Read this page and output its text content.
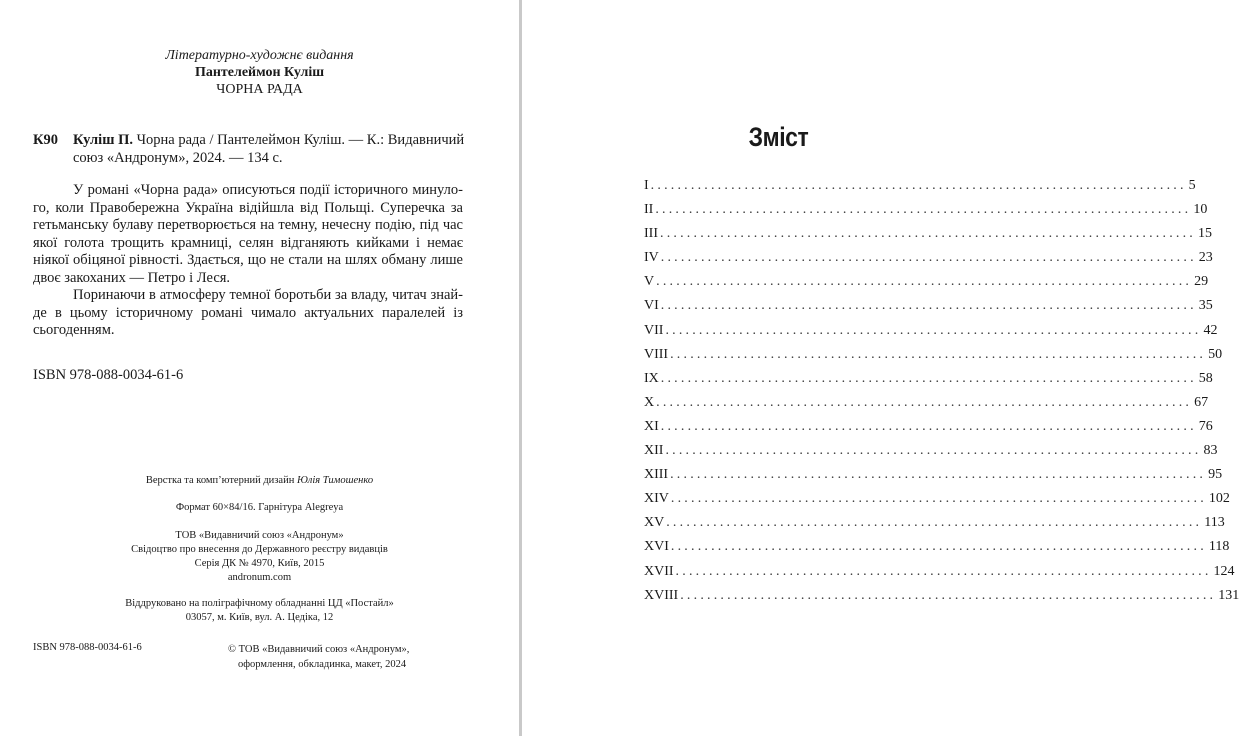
Літературно-художнє видання
Пантелеймон Куліш
ЧОРНА РАДА
К90 Куліш П. Чорна рада / Пантелеймон Куліш. — К.: Видавничий союз «Андронум», 2024. — 134 с.

У романі «Чорна рада» описуються події історичного минулого, коли Правобережна Україна відійшла від Польщі. Суперечка за гетьманську булаву перетворюється на темну, нечесну подію, під час якої голота трощить крамниці, селян відганяють кийками і немає ніякої обіцяної рівності. Здається, що не стали на шлях обману лише двоє закоханих — Петро і Леся.

Поринаючи в атмосферу темної боротьби за владу, читач знайде в цьому історичному романі чимало актуальних паралелей із сьогоденням.

ISBN 978-088-0034-61-6
Верстка та комп’ютерний дизайн Юлія Тимошенко
Формат 60×84/16. Гарнітура Alegreya
ТОВ «Видавничий союз «Андронум»
Свідоцтво про внесення до Державного реєстру видавців
Серія ДК № 4970, Київ, 2015
andronum.com
Віддруковано на поліграфічному обладнанні ЦД «Постайл»
03057, м. Київ, вул. А. Цедіка, 12
ISBN 978-088-0034-61-6	© ТОВ «Видавничий союз «Андронум»,
оформлення, обкладинка, макет, 2024
Зміст
I ................................................................................ 5
II ................................................................................ 10
III ................................................................................ 15
IV ................................................................................ 23
V ................................................................................ 29
VI ................................................................................ 35
VII ................................................................................ 42
VIII ................................................................................ 50
IX ................................................................................ 58
X ................................................................................ 67
XI ................................................................................ 76
XII ................................................................................ 83
XIII ................................................................................ 95
XIV ................................................................................ 102
XV ................................................................................ 113
XVI ................................................................................ 118
XVII ................................................................................ 124
XVIII ................................................................................ 131
